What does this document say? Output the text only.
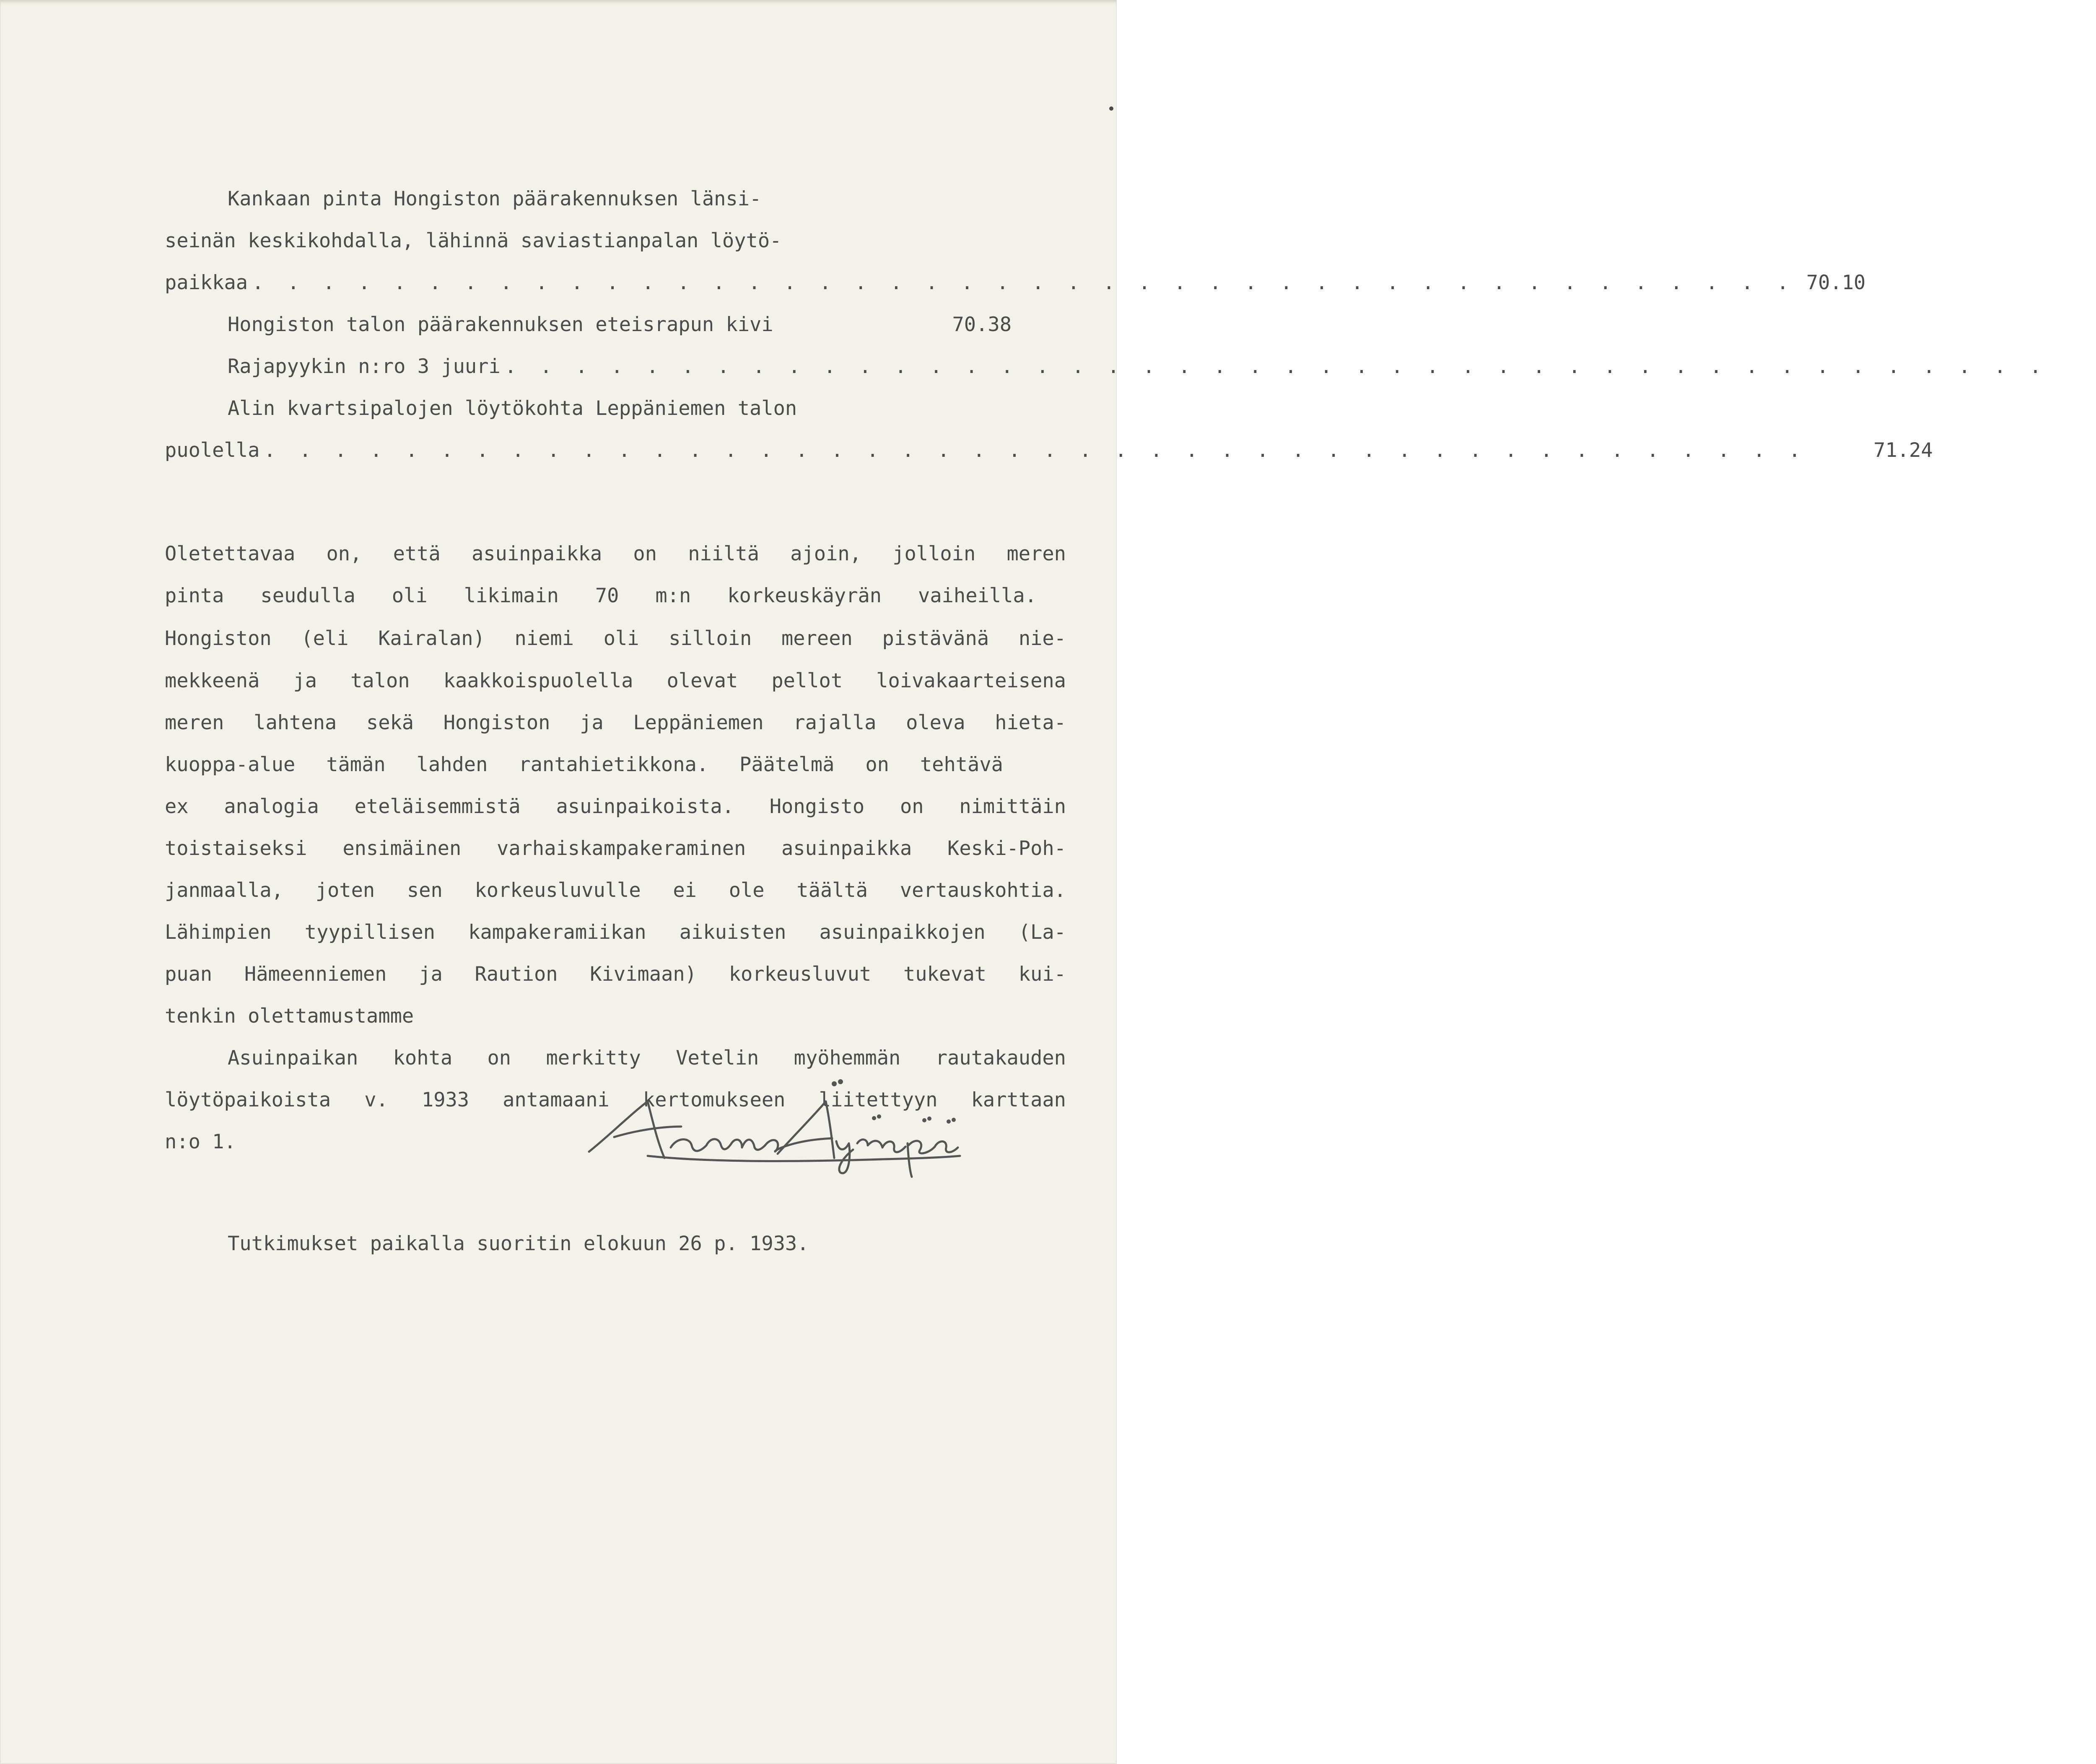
Kankaan pinta Hongiston päärakennuksen länsi-
seinän keskikohdalla, lähinnä saviastianpalan löytö-
paikkaa . . . . . . . . . . . . . . . . . . . . . . . . . . . . . . . . . . . . . . . . . . . . 70.10
Hongiston talon päärakennuksen eteisrapun kivi	70.38
Rajapyykin n:ro 3 juuri . . . . . . . . . . . . . . . . . . . . . . . . . . . . . . . . . . . . . . . . . . . .
Alin kvartsipalojen löytökohta Leppäniemen talon
puolella . . . . . . . . . . . . . . . . . . . . . . . . . . . . . . . . . . . . . . . . . . . .	71.24
Oletettavaa on, että asuinpaikka on niiltä ajoin, jolloin meren
pinta seudulla oli likimain 70 m:n korkeuskäyrän vaiheilla.
Hongiston (eli Kairalan) niemi oli silloin mereen pistävänä nie-
mekkeenä ja talon kaakkoispuolella olevat pellot loivakaarteisena
meren lahtena sekä Hongiston ja Leppäniemen rajalla oleva hieta-
kuoppa-alue tämän lahden rantahietikkona. Päätelmä on tehtävä
ex analogia eteläisemmistä asuinpaikoista. Hongisto on nimittäin
toistaiseksi ensimäinen varhaiskampakeraminen asuinpaikka Keski-Poh-
janmaalla, joten sen korkeusluvulle ei ole täältä vertauskohtia.
Lähimpien tyypillisen kampakeramiikan aikuisten asuinpaikkojen (La-
puan Hämeenniemen ja Raution Kivimaan) korkeusluvut tukevat kui-
tenkin olettamustamme
Asuinpaikan kohta on merkitty Vetelin myöhemmän rautakauden
löytöpaikoista v. 1933 antamaani kertomukseen liitettyyn karttaan
n:o 1.
Tutkimukset paikalla suoritin elokuun 26 p. 1933.
